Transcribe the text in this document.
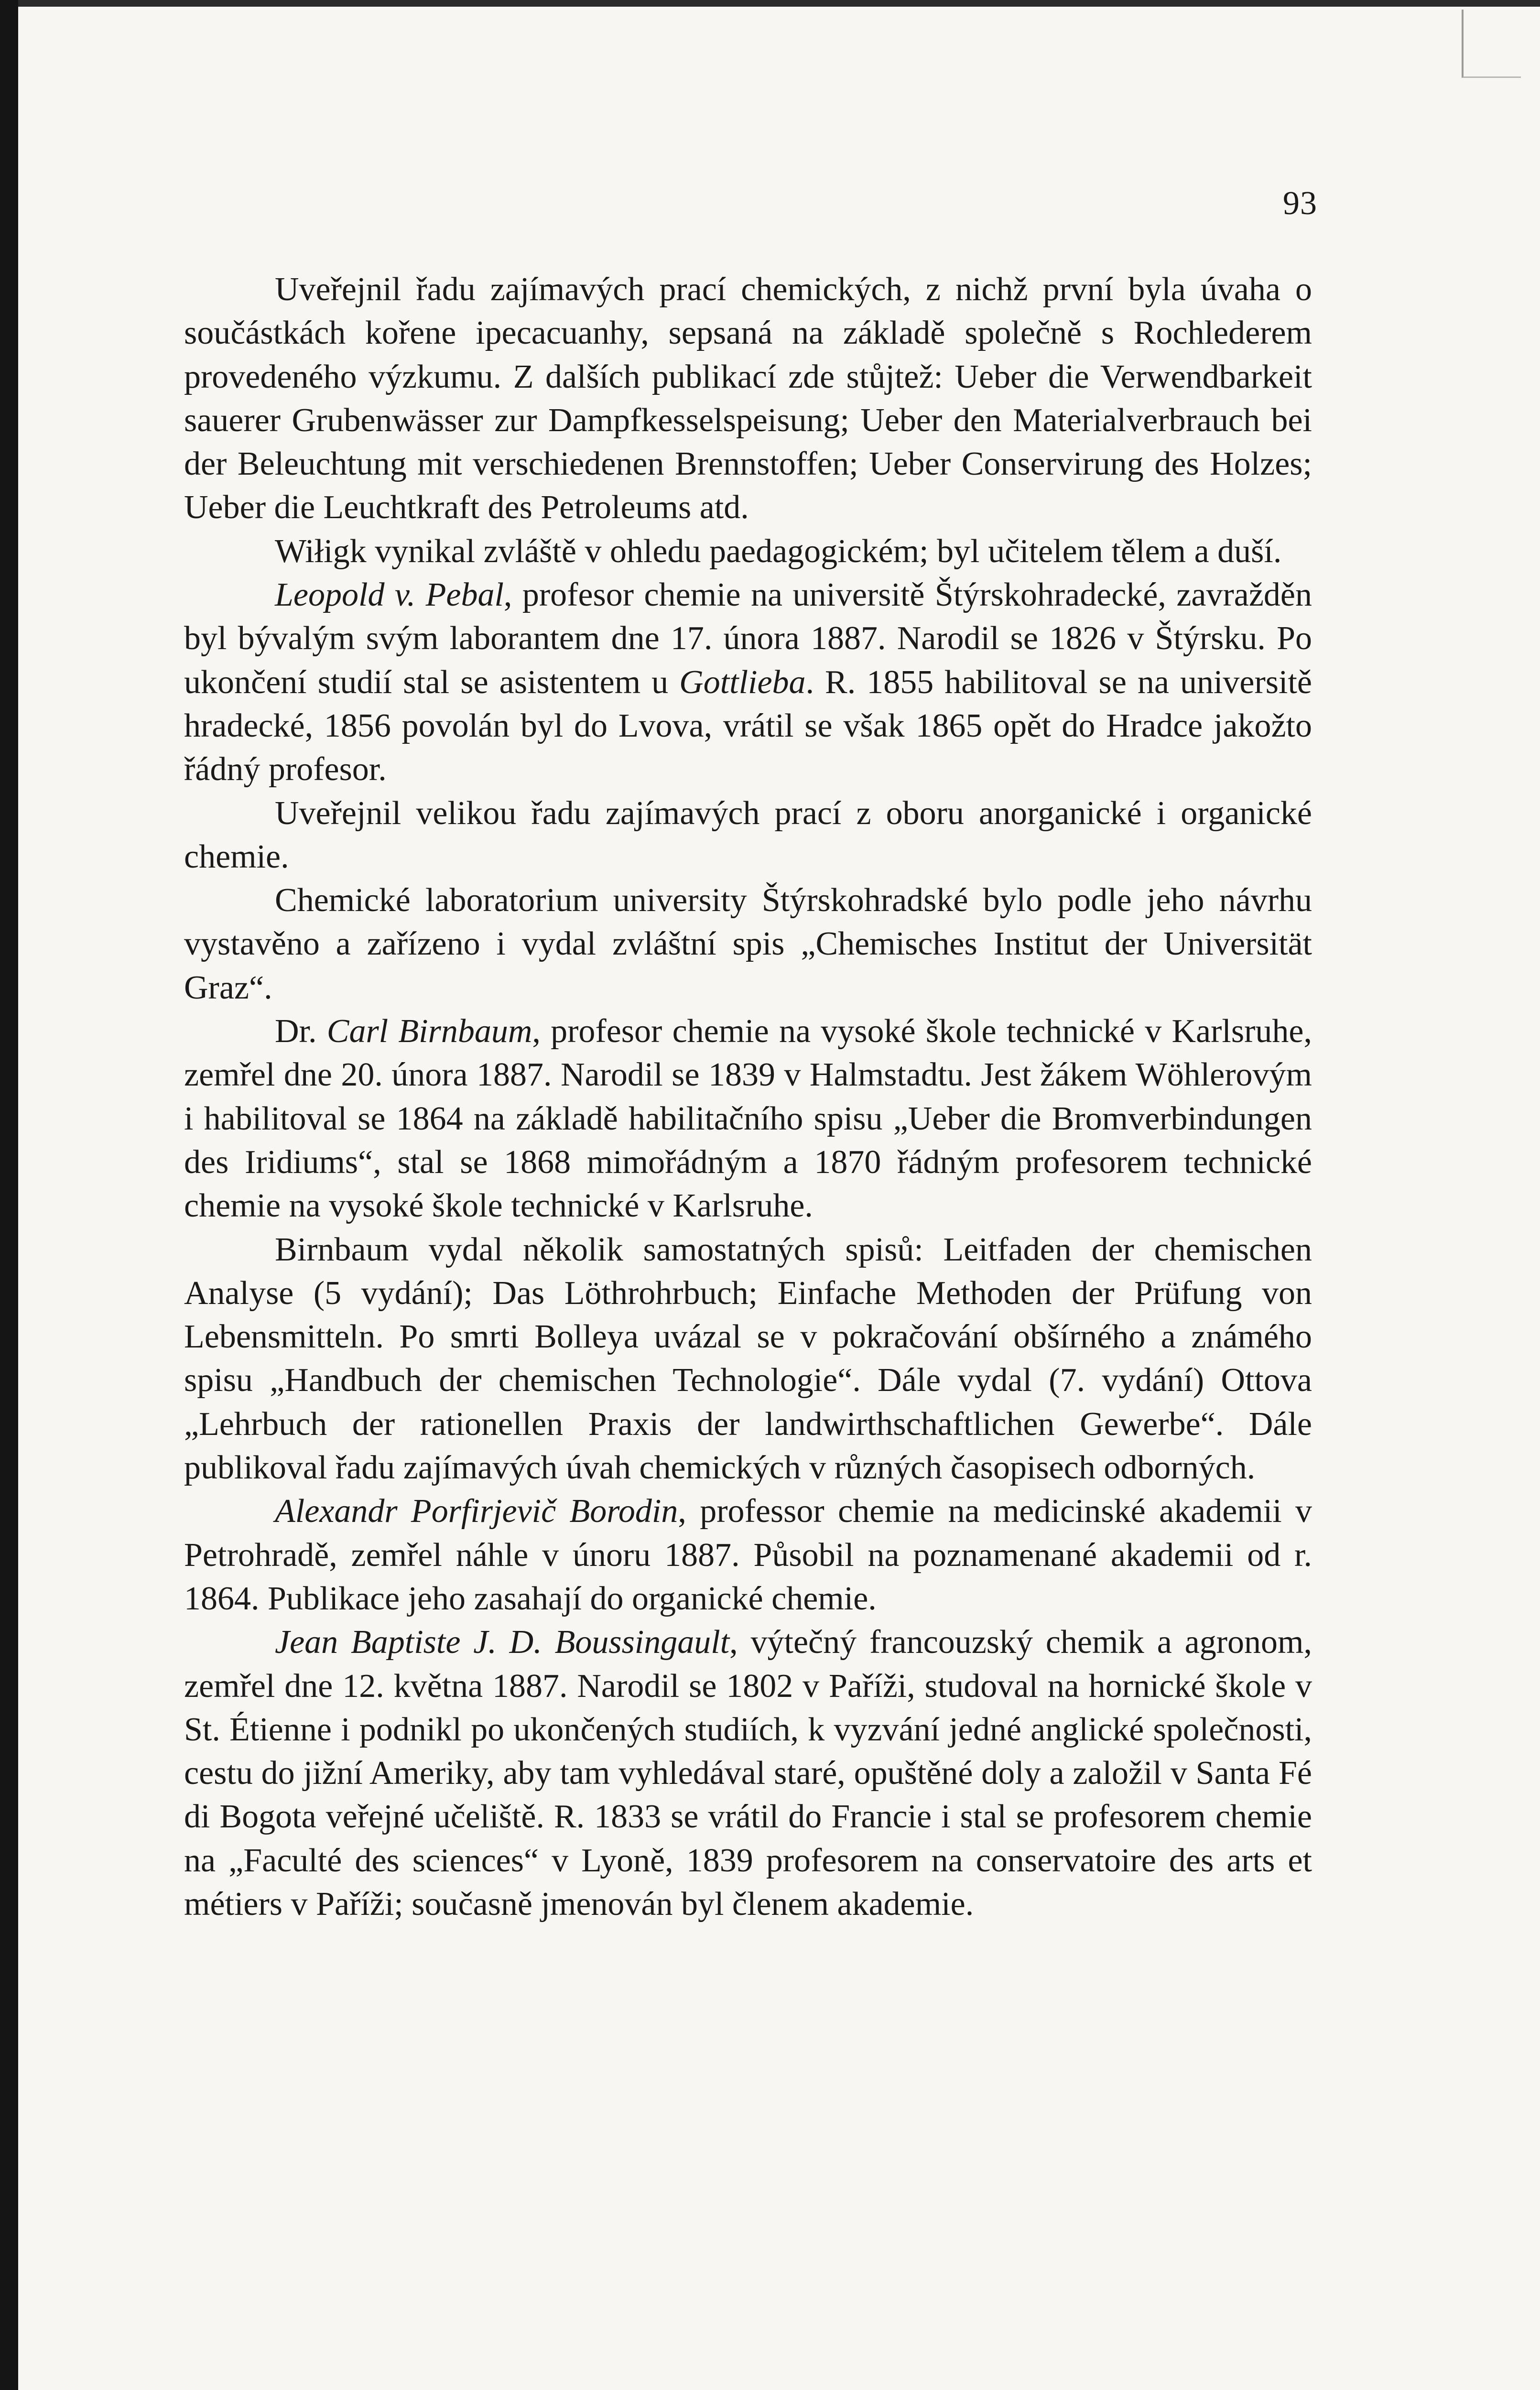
93

Uveřejnil řadu zajímavých prací chemických, z nichž první byla úvaha o součástkách kořene ipecacuanhy, sepsaná na základě společně s Rochlederem provedeného výzkumu. Z dalších publikací zde stůjtež: Ueber die Verwendbarkeit sauerer Grubenwässer zur Dampfkesselspeisung; Ueber den Materialverbrauch bei der Beleuchtung mit verschiedenen Brennstoffen; Ueber Conservirung des Holzes; Ueber die Leuchtkraft des Petroleums atd.

Wiłigk vynikal zvláště v ohledu paedagogickém; byl učitelem tělem a duší.

Leopold v. Pebal, profesor chemie na universitě Štýrskohradecké, zavražděn byl bývalým svým laborantem dne 17. února 1887. Narodil se 1826 v Štýrsku. Po ukončení studií stal se asistentem u Gottlieba. R. 1855 habilitoval se na universitě hradecké, 1856 povolán byl do Lvova, vrátil se však 1865 opět do Hradce jakožto řádný profesor.

Uveřejnil velikou řadu zajímavých prací z oboru anorganické i organické chemie.

Chemické laboratorium university Štýrskohradské bylo podle jeho návrhu vystavěno a zařízeno i vydal zvláštní spis „Chemisches Institut der Universität Graz“.

Dr. Carl Birnbaum, profesor chemie na vysoké škole technické v Karlsruhe, zemřel dne 20. února 1887. Narodil se 1839 v Halmstadtu. Jest žákem Wöhlerovým i habilitoval se 1864 na základě habilitačního spisu „Ueber die Bromverbindungen des Iridiums“, stal se 1868 mimořádným a 1870 řádným profesorem technické chemie na vysoké škole technické v Karlsruhe.

Birnbaum vydal několik samostatných spisů: Leitfaden der chemischen Analyse (5 vydání); Das Löthrohrbuch; Einfache Methoden der Prüfung von Lebensmitteln. Po smrti Bolleya uvázal se v pokračování obšírného a známého spisu „Handbuch der chemischen Technologie“. Dále vydal (7. vydání) Ottova „Lehrbuch der rationellen Praxis der landwirthschaftlichen Gewerbe“. Dále publikoval řadu zajímavých úvah chemických v různých časopisech odborných.

Alexandr Porfirjevič Borodin, professor chemie na medicinské akademii v Petrohradě, zemřel náhle v únoru 1887. Působil na poznamenané akademii od r. 1864. Publikace jeho zasahají do organické chemie.

Jean Baptiste J. D. Boussingault, výtečný francouzský chemik a agronom, zemřel dne 12. května 1887. Narodil se 1802 v Paříži, studoval na hornické škole v St. Étienne i podnikl po ukončených studiích, k vyzvání jedné anglické společnosti, cestu do jižní Ameriky, aby tam vyhledával staré, opuštěné doly a založil v Santa Fé di Bogota veřejné učeliště. R. 1833 se vrátil do Francie i stal se profesorem chemie na „Faculté des sciences“ v Lyoně, 1839 profesorem na conservatoire des arts et métiers v Paříži; současně jmenován byl členem akademie.
